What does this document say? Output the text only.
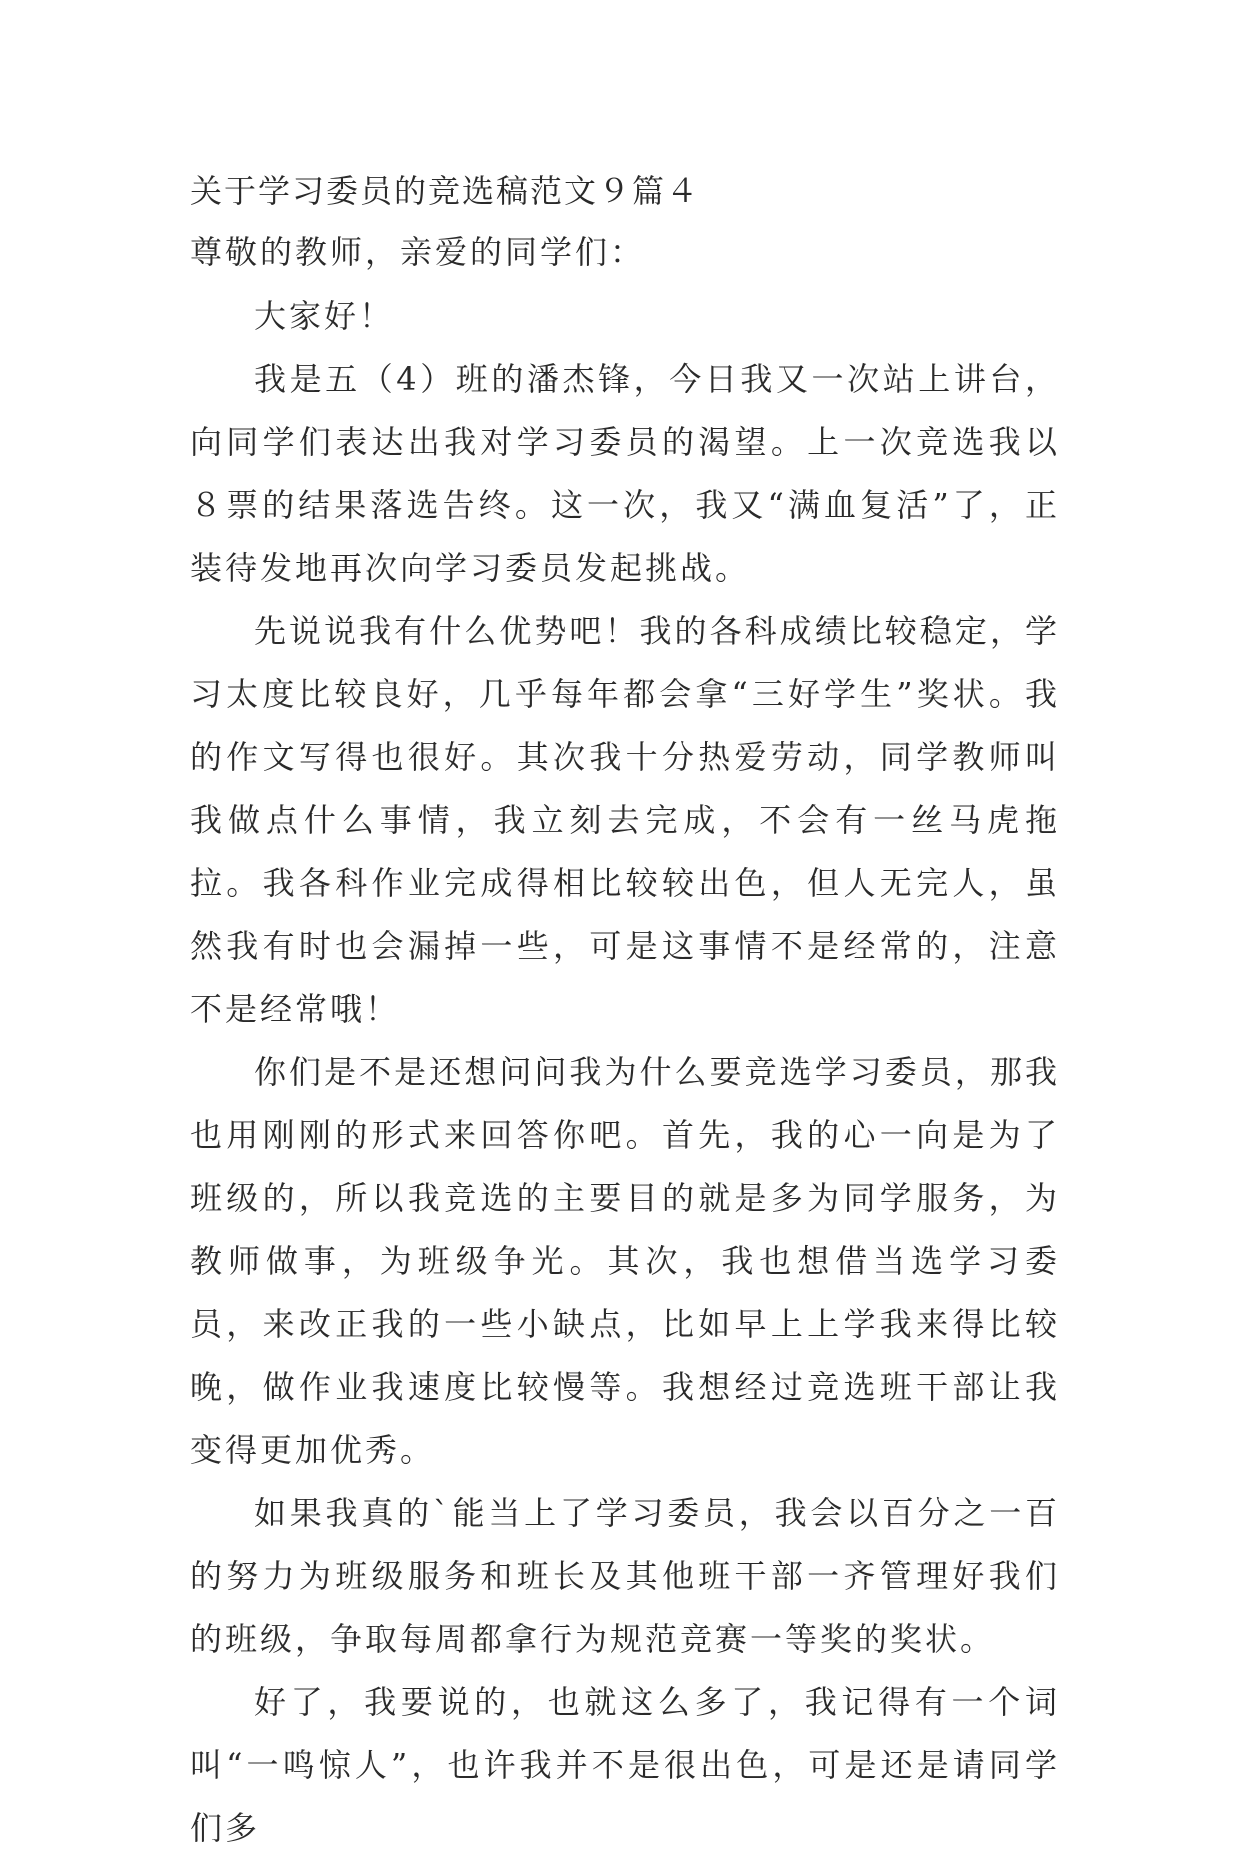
关于学习委员的竞选稿范文９篇４

尊敬的教师，亲爱的同学们：

大家好！

我是五（4）班的潘杰锋，今日我又一次站上讲台，向同学们表达出我对学习委员的渴望。上一次竞选我以８票的结果落选告终。这一次，我又“满血复活”了，正装待发地再次向学习委员发起挑战。

先说说我有什么优势吧！我的各科成绩比较稳定，学习太度比较良好，几乎每年都会拿“三好学生”奖状。我的作文写得也很好。其次我十分热爱劳动，同学教师叫我做点什么事情，我立刻去完成，不会有一丝马虎拖拉。我各科作业完成得相比较较出色，但人无完人，虽然我有时也会漏掉一些，可是这事情不是经常的，注意不是经常哦！

你们是不是还想问问我为什么要竞选学习委员，那我也用刚刚的形式来回答你吧。首先，我的心一向是为了班级的，所以我竞选的主要目的就是多为同学服务，为教师做事，为班级争光。其次，我也想借当选学习委员，来改正我的一些小缺点，比如早上上学我来得比较晚，做作业我速度比较慢等。我想经过竞选班干部让我变得更加优秀。

如果我真的`能当上了学习委员，我会以百分之一百的努力为班级服务和班长及其他班干部一齐管理好我们的班级，争取每周都拿行为规范竞赛一等奖的奖状。

好了，我要说的，也就这么多了，我记得有一个词叫“一鸣惊人”，也许我并不是很出色，可是还是请同学们多
